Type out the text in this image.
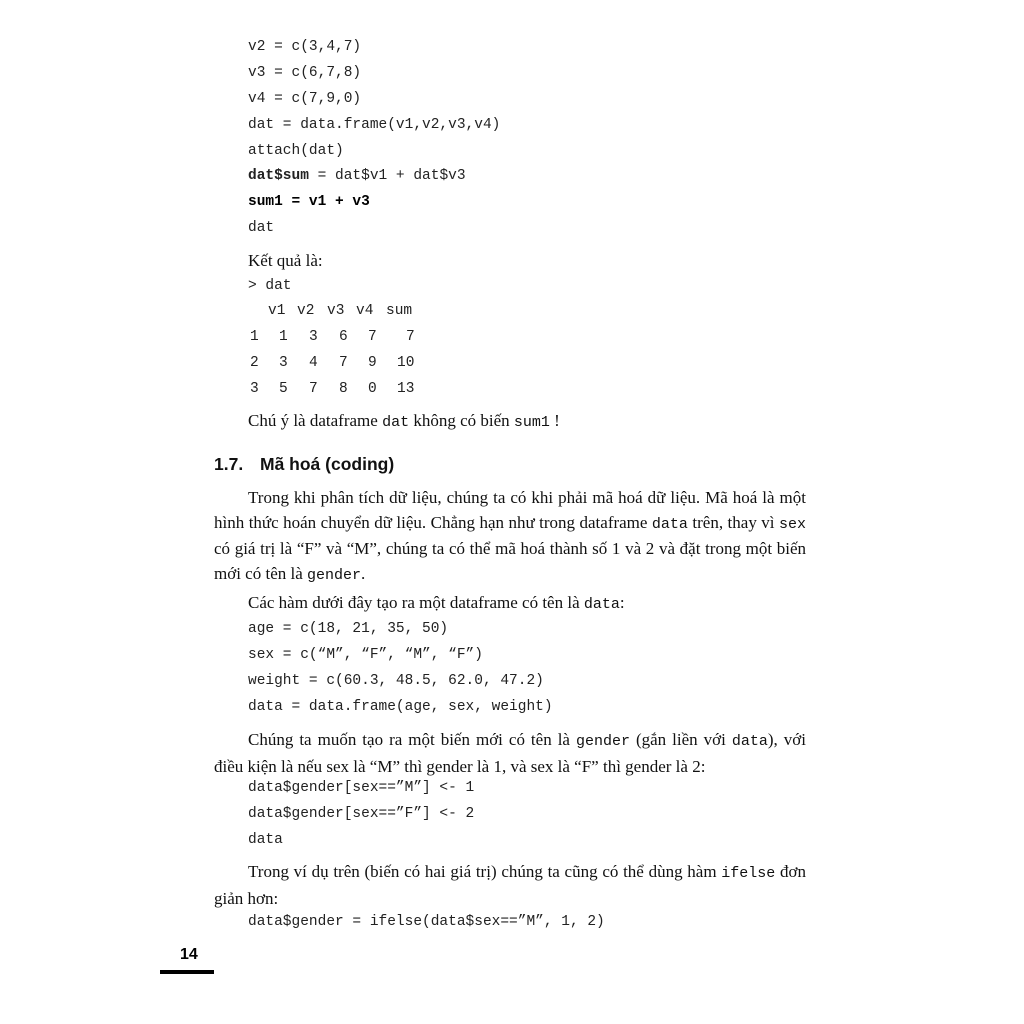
v2 = c(3,4,7)
v3 = c(6,7,8)
v4 = c(7,9,0)
dat = data.frame(v1,v2,v3,v4)
attach(dat)
dat$sum = dat$v1 + dat$v3
sum1 = v1 + v3
dat
Kết quả là:
> dat
v1 v2 v3 v4 sum
1 1 3 6 7 7
2 3 4 7 9 10
3 5 7 8 0 13
Chú ý là dataframe dat không có biến sum1 !
1.7. Mã hoá (coding)
Trong khi phân tích dữ liệu, chúng ta có khi phải mã hoá dữ liệu. Mã hoá là một hình thức hoán chuyển dữ liệu. Chẳng hạn như trong dataframe data trên, thay vì sex có giá trị là “F” và “M”, chúng ta có thể mã hoá thành số 1 và 2 và đặt trong một biến mới có tên là gender.
Các hàm dưới đây tạo ra một dataframe có tên là data:
age = c(18, 21, 35, 50)
sex = c(“M”, “F”, “M”, “F”)
weight = c(60.3, 48.5, 62.0, 47.2)
data = data.frame(age, sex, weight)
Chúng ta muốn tạo ra một biến mới có tên là gender (gắn liền với data), với điều kiện là nếu sex là “M” thì gender là 1, và sex là “F” thì gender là 2:
data$gender[sex==”M”] <- 1
data$gender[sex==”F”] <- 2
data
Trong ví dụ trên (biến có hai giá trị) chúng ta cũng có thể dùng hàm ifelse đơn giản hơn:
data$gender = ifelse(data$sex==”M”, 1, 2)
14
